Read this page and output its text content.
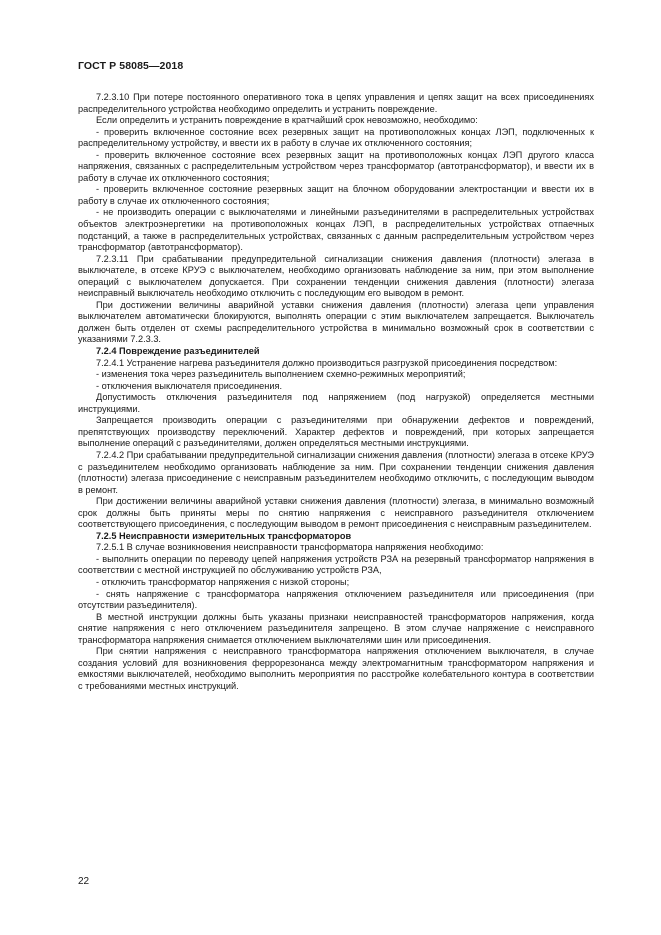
ГОСТ Р 58085—2018

7.2.3.10 При потере постоянного оперативного тока в цепях управления и цепях защит на всех присоединениях распределительного устройства необходимо определить и устранить повреждение.

Если определить и устранить повреждение в кратчайший срок невозможно, необходимо:

- проверить включенное состояние всех резервных защит на противоположных концах ЛЭП, подключенных к распределительному устройству, и ввести их в работу в случае их отключенного состояния;

- проверить включенное состояние всех резервных защит на противоположных концах ЛЭП другого класса напряжения, связанных с распределительным устройством через трансформатор (автотрансформатор), и ввести их в работу в случае их отключенного состояния;

- проверить включенное состояние резервных защит на блочном оборудовании электростанции и ввести их в работу в случае их отключенного состояния;

- не производить операции с выключателями и линейными разъединителями в распределительных устройствах объектов электроэнергетики на противоположных концах ЛЭП, в распределительных устройствах отпаечных подстанций, а также в распределительных устройствах, связанных с данным распределительным устройством через трансформатор (автотрансформатор).

7.2.3.11 При срабатывании предупредительной сигнализации снижения давления (плотности) элегаза в выключателе, в отсеке КРУЭ с выключателем, необходимо организовать наблюдение за ним, при этом выполнение операций с выключателем допускается. При сохранении тенденции снижения давления (плотности) элегаза неисправный выключатель необходимо отключить с последующим его выводом в ремонт.

При достижении величины аварийной уставки снижения давления (плотности) элегаза цепи управления выключателем автоматически блокируются, выполнять операции с этим выключателем запрещается. Выключатель должен быть отделен от схемы распределительного устройства в минимально возможный срок в соответствии с указаниями 7.2.3.3.

7.2.4 Повреждение разъединителей

7.2.4.1 Устранение нагрева разъединителя должно производиться разгрузкой присоединения посредством:

- изменения тока через разъединитель выполнением схемно-режимных мероприятий;

- отключения выключателя присоединения.

Допустимость отключения разъединителя под напряжением (под нагрузкой) определяется местными инструкциями.

Запрещается производить операции с разъединителями при обнаружении дефектов и повреждений, препятствующих производству переключений. Характер дефектов и повреждений, при которых запрещается выполнение операций с разъединителями, должен определяться местными инструкциями.

7.2.4.2 При срабатывании предупредительной сигнализации снижения давления (плотности) элегаза в отсеке КРУЭ с разъединителем необходимо организовать наблюдение за ним. При сохранении тенденции снижения давления (плотности) элегаза присоединение с неисправным разъединителем необходимо отключить, с последующим выводом в ремонт.

При достижении величины аварийной уставки снижения давления (плотности) элегаза, в минимально возможный срок должны быть приняты меры по снятию напряжения с неисправного разъединителя отключением соответствующего присоединения, с последующим выводом в ремонт присоединения с неисправным разъединителем.

7.2.5 Неисправности измерительных трансформаторов

7.2.5.1 В случае возникновения неисправности трансформатора напряжения необходимо:

- выполнить операции по переводу цепей напряжения устройств РЗА на резервный трансформатор напряжения в соответствии с местной инструкцией по обслуживанию устройств РЗА,

- отключить трансформатор напряжения с низкой стороны;

- снять напряжение с трансформатора напряжения отключением разъединителя или присоединения (при отсутствии разъединителя).

В местной инструкции должны быть указаны признаки неисправностей трансформаторов напряжения, когда снятие напряжения с него отключением разъединителя запрещено. В этом случае напряжение с неисправного трансформатора напряжения снимается отключением выключателями шин или присоединения.

При снятии напряжения с неисправного трансформатора напряжения отключением выключателя, в случае создания условий для возникновения феррорезонанса между электромагнитным трансформатором напряжения и емкостями выключателей, необходимо выполнить мероприятия по расстройке колебательного контура в соответствии с требованиями местных инструкций.

22
